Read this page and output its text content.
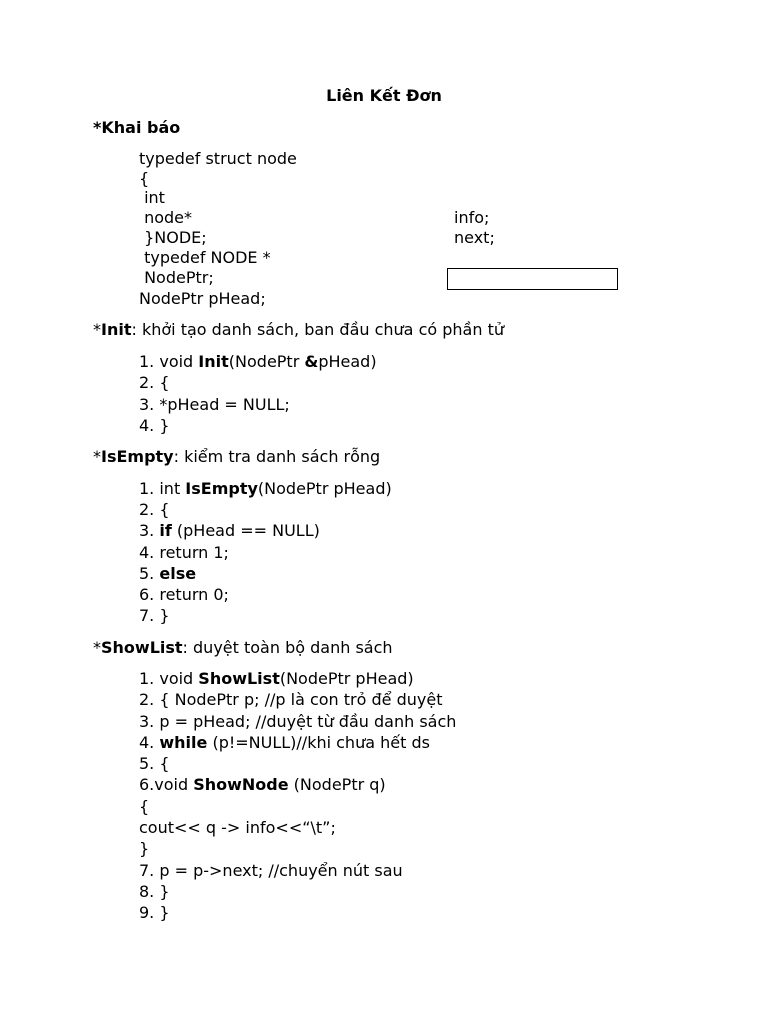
Liên Kết Đơn
*Khai báo
typedef struct node
{
int
node*
}NODE;
typedef NODE *
NodePtr;
NodePtr pHead;
info;
next;
*Init: khởi tạo danh sách, ban đầu chưa có phần tử
1. void Init(NodePtr &pHead)
2. {
3. *pHead = NULL;
4. }
*IsEmpty: kiểm tra danh sách rỗng
1. int IsEmpty(NodePtr pHead)
2. {
3. if (pHead == NULL)
4. return 1;
5. else
6. return 0;
7. }
*ShowList: duyệt toàn bộ danh sách
1. void ShowList(NodePtr pHead)
2. { NodePtr p; //p là con trỏ để duyệt
3. p = pHead; //duyệt từ đầu danh sách
4. while (p!=NULL)//khi chưa hết ds
5. {
6.void ShowNode (NodePtr q)
{
cout<< q -> info<<“\t”;
}
7. p = p->next; //chuyển nút sau
8. }
9. }
